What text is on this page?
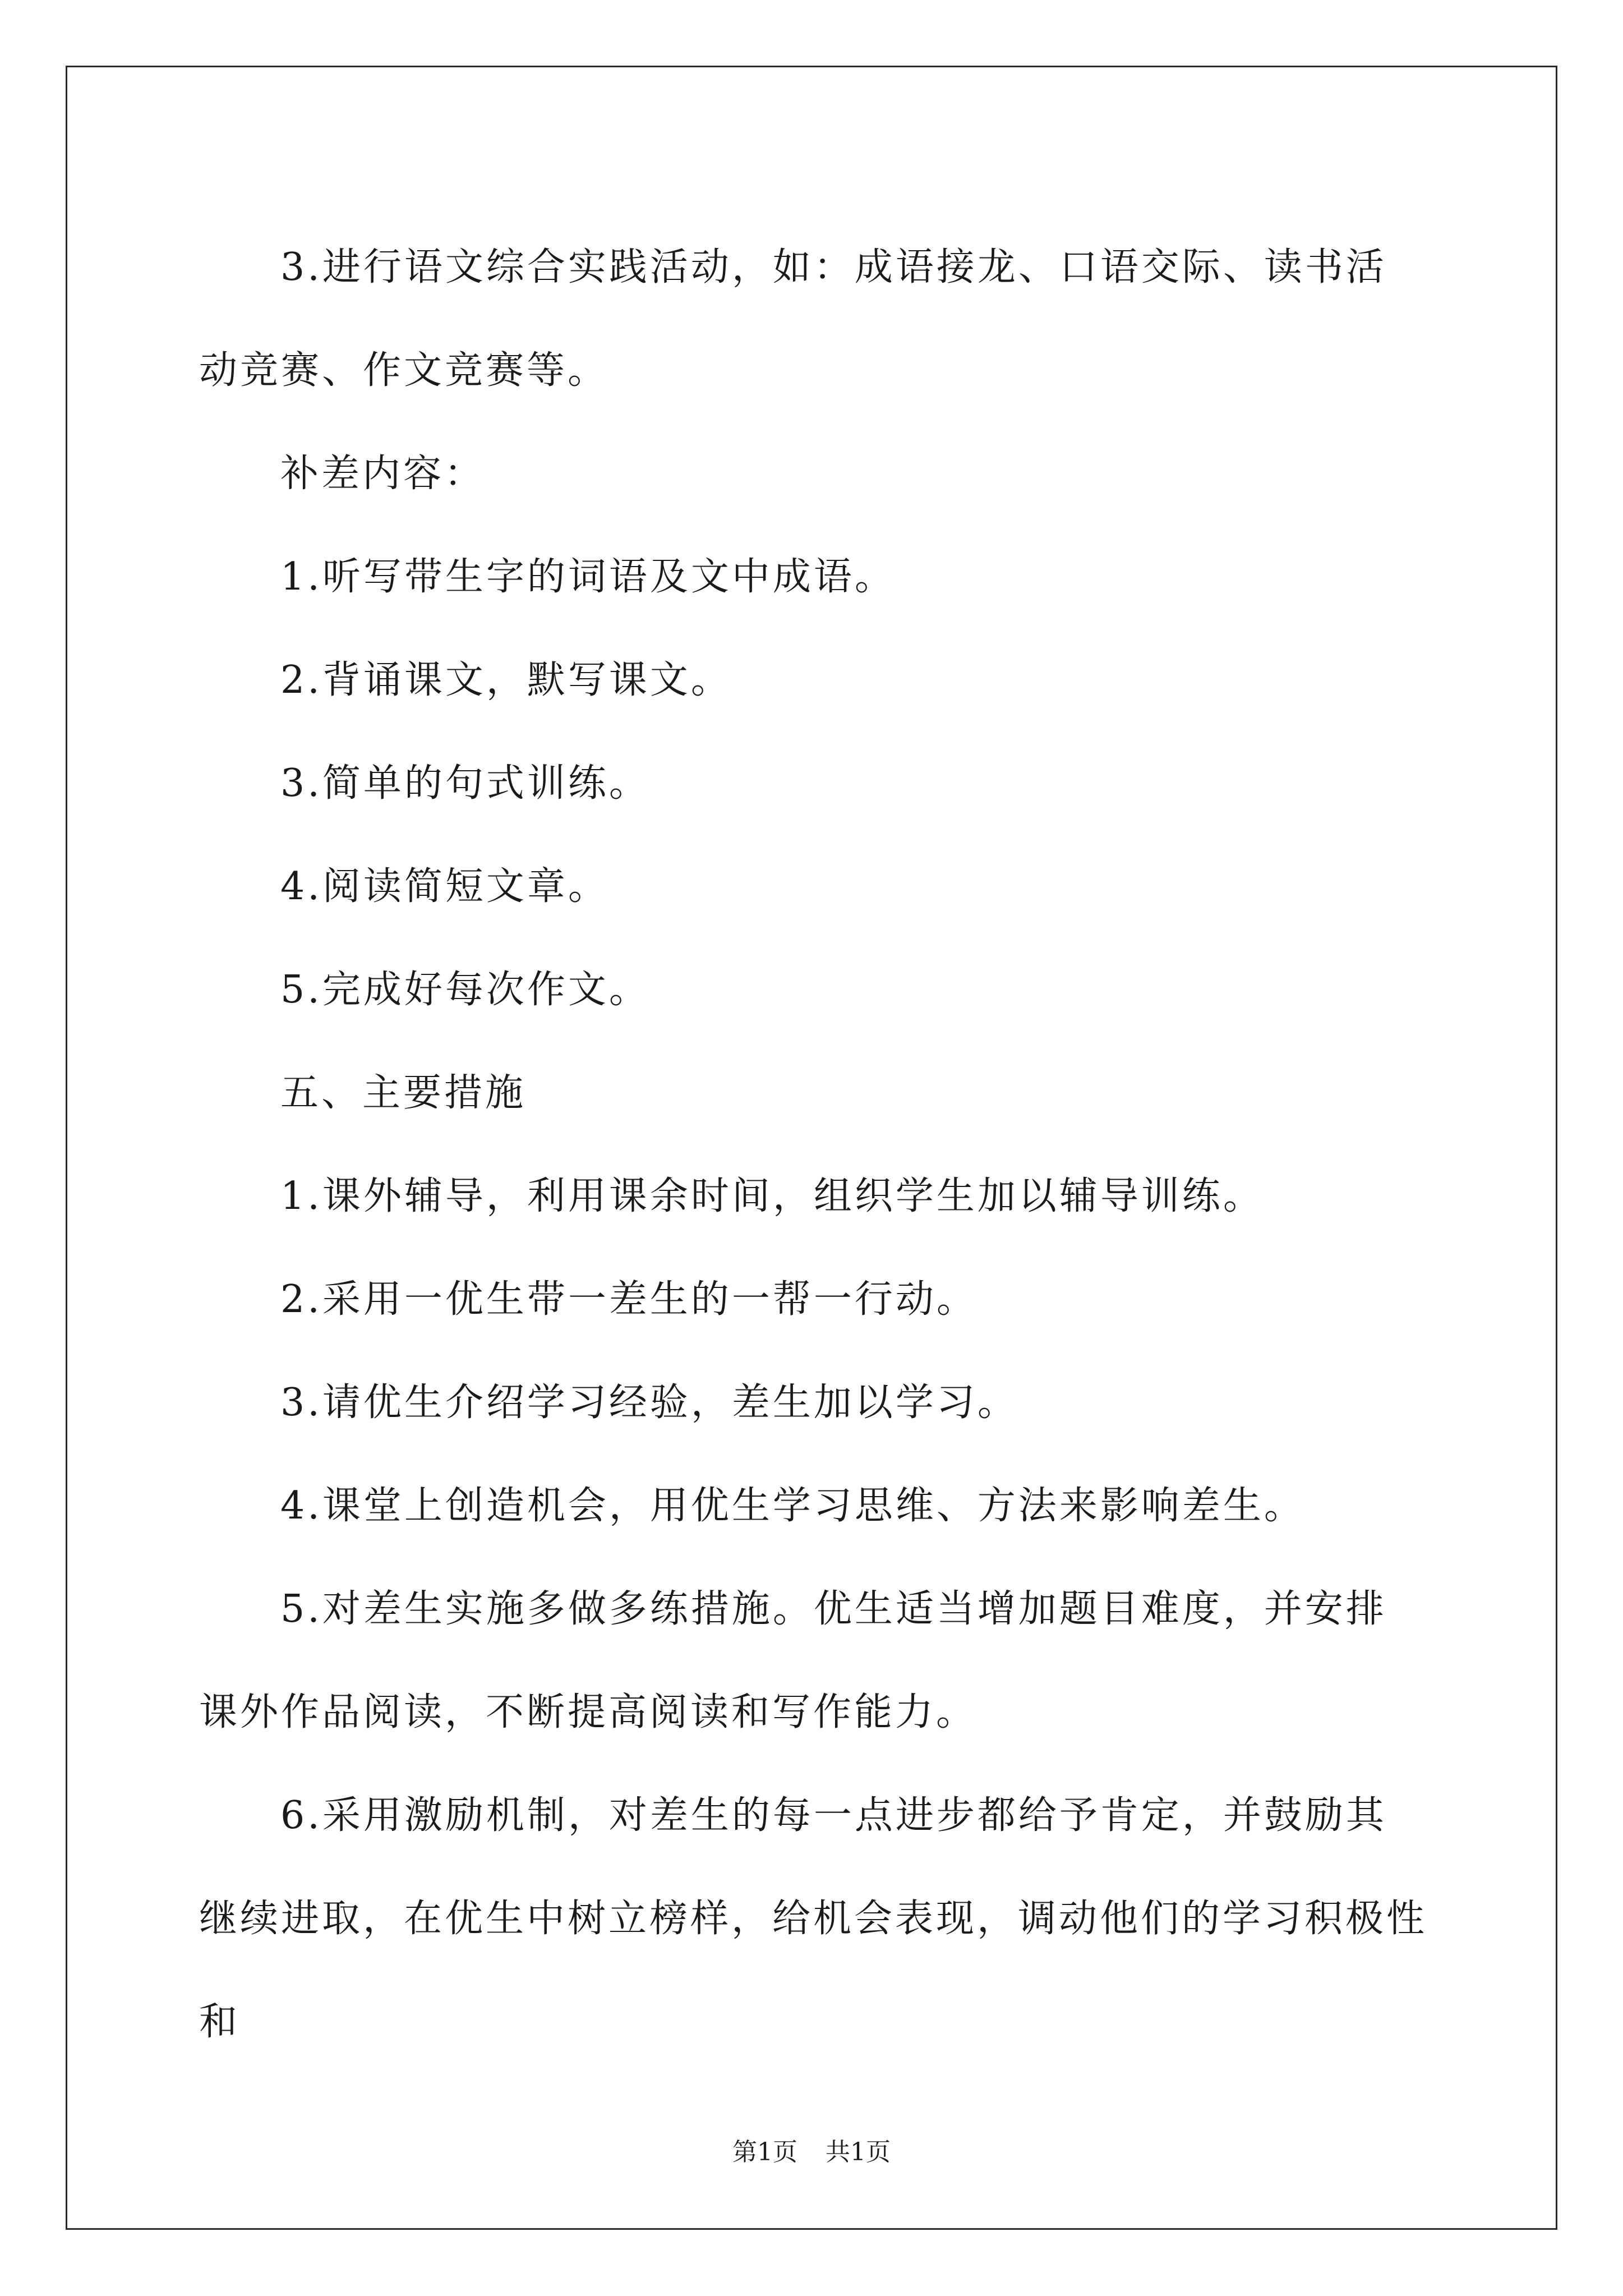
3.进行语文综合实践活动，如：成语接龙、口语交际、读书活动竞赛、作文竞赛等。

补差内容：

1.听写带生字的词语及文中成语。

2.背诵课文，默写课文。

3.简单的句式训练。

4.阅读简短文章。

5.完成好每次作文。

五、主要措施

1.课外辅导，利用课余时间，组织学生加以辅导训练。

2.采用一优生带一差生的一帮一行动。

3.请优生介绍学习经验，差生加以学习。

4.课堂上创造机会，用优生学习思维、方法来影响差生。

5.对差生实施多做多练措施。优生适当增加题目难度，并安排课外作品阅读，不断提高阅读和写作能力。

6.采用激励机制，对差生的每一点进步都给予肯定，并鼓励其继续进取，在优生中树立榜样，给机会表现，调动他们的学习积极性和

第1页 共1页
